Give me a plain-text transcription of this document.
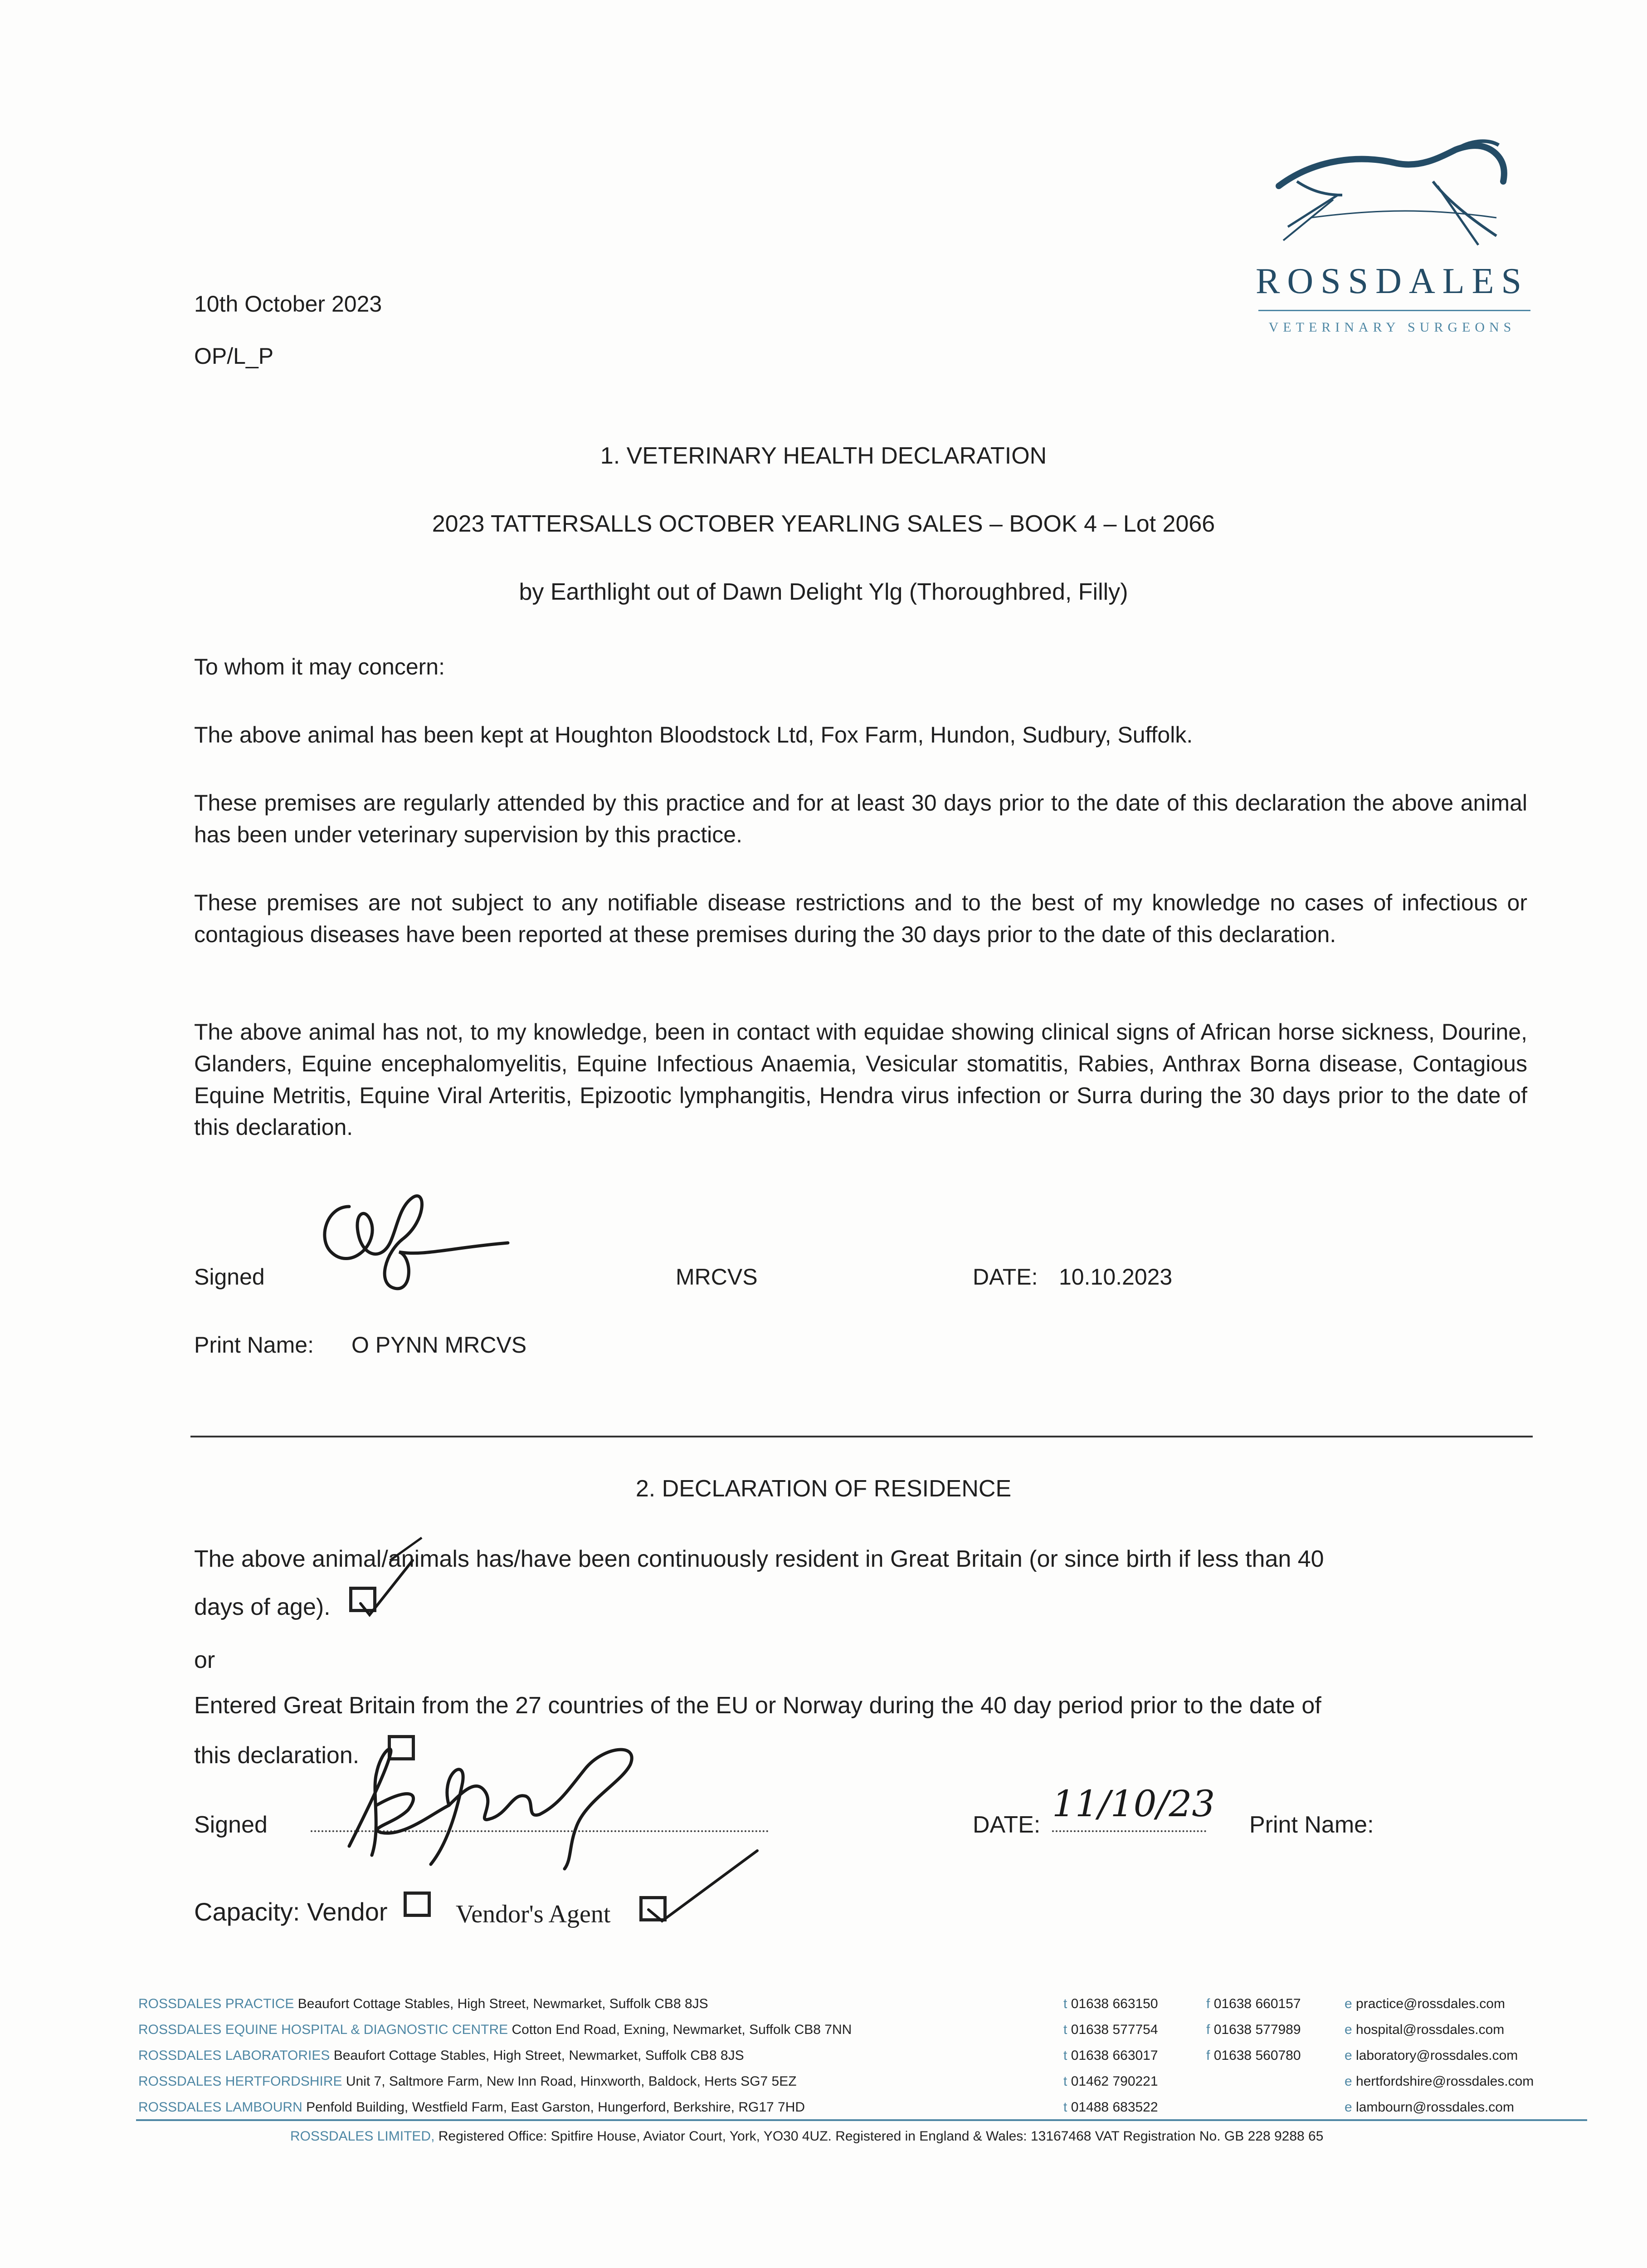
ROSSDALES
VETERINARY SURGEONS
10th October 2023
OP/L_P
1. VETERINARY HEALTH DECLARATION
2023 TATTERSALLS OCTOBER YEARLING SALES – BOOK 4 – Lot 2066
by Earthlight out of Dawn Delight Ylg (Thoroughbred, Filly)
To whom it may concern:
The above animal has been kept at Houghton Bloodstock Ltd, Fox Farm, Hundon, Sudbury, Suffolk.
These premises are regularly attended by this practice and for at least 30 days prior to the date of this declaration the above animal has been under veterinary supervision by this practice.
These premises are not subject to any notifiable disease restrictions and to the best of my knowledge no cases of infectious or contagious diseases have been reported at these premises during the 30 days prior to the date of this declaration.
The above animal has not, to my knowledge, been in contact with equidae showing clinical signs of African horse sickness, Dourine, Glanders, Equine encephalomyelitis, Equine Infectious Anaemia, Vesicular stomatitis, Rabies, Anthrax Borna disease, Contagious Equine Metritis, Equine Viral Arteritis, Epizootic lymphangitis, Hendra virus infection or Surra during the 30 days prior to the date of this declaration.
Signed	MRCVS	DATE: 10.10.2023
Print Name: O PYNN MRCVS
2. DECLARATION OF RESIDENCE
The above animal/animals has/have been continuously resident in Great Britain (or since birth if less than 40
days of age).
or
Entered Great Britain from the 27 countries of the EU or Norway during the 40 day period prior to the date of
this declaration.
Signed	DATE: 11/10/23 Print Name:
Capacity: Vendor	Vendor's Agent
ROSSDALES PRACTICE Beaufort Cottage Stables, High Street, Newmarket, Suffolk CB8 8JS	t 01638 663150	f 01638 660157	e practice@rossdales.com
ROSSDALES EQUINE HOSPITAL & DIAGNOSTIC CENTRE Cotton End Road, Exning, Newmarket, Suffolk CB8 7NN	t 01638 577754	f 01638 577989	e hospital@rossdales.com
ROSSDALES LABORATORIES Beaufort Cottage Stables, High Street, Newmarket, Suffolk CB8 8JS	t 01638 663017	f 01638 560780	e laboratory@rossdales.com
ROSSDALES HERTFORDSHIRE Unit 7, Saltmore Farm, New Inn Road, Hinxworth, Baldock, Herts SG7 5EZ	t 01462 790221	e hertfordshire@rossdales.com
ROSSDALES LAMBOURN Penfold Building, Westfield Farm, East Garston, Hungerford, Berkshire, RG17 7HD	t 01488 683522	e lambourn@rossdales.com
ROSSDALES LIMITED, Registered Office: Spitfire House, Aviator Court, York, YO30 4UZ. Registered in England & Wales: 13167468 VAT Registration No. GB 228 9288 65
